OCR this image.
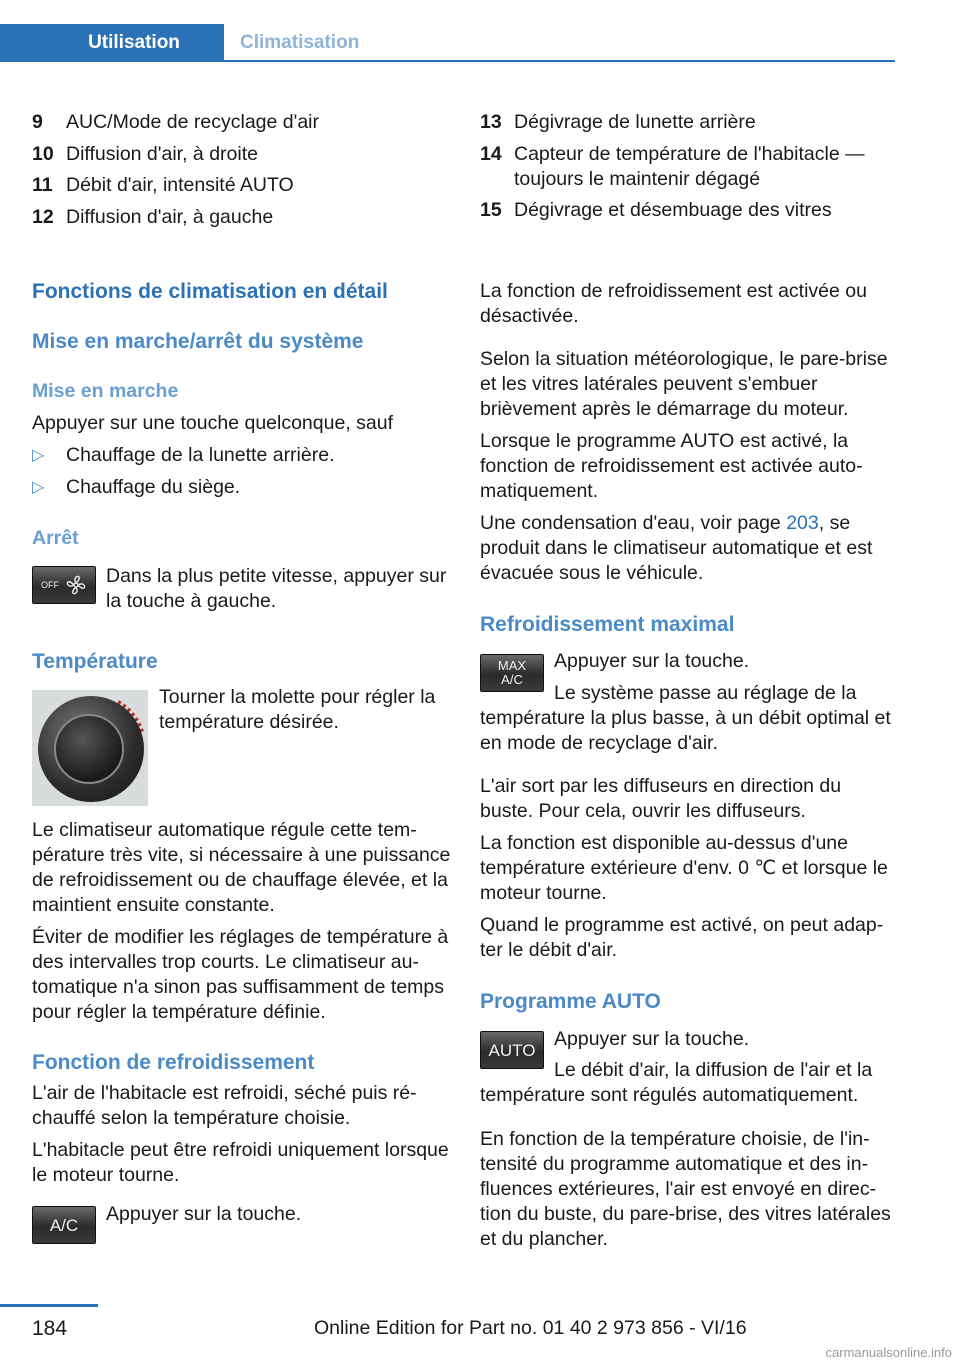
Utilisation	Climatisation
9 AUC/Mode de recyclage d'air
10 Diffusion d'air, à droite
11 Débit d'air, intensité AUTO
12 Diffusion d'air, à gauche
13 Dégivrage de lunette arrière
14 Capteur de température de l'habitacle — toujours le maintenir dégagé
15 Dégivrage et désembuage des vitres
Fonctions de climatisation en détail
Mise en marche/arrêt du système
Mise en marche
Appuyer sur une touche quelconque, sauf
▷ Chauffage de la lunette arrière.
▷ Chauffage du siège.
Arrêt
OFF Dans la plus petite vitesse, appuyer sur la touche à gauche.
Température
Tourner la molette pour régler la température désirée.
Le climatiseur automatique régule cette température très vite, si nécessaire à une puissance de refroidissement ou de chauffage élevée, et la maintient ensuite constante.
Éviter de modifier les réglages de température à des intervalles trop courts. Le climatiseur automatique n'a sinon pas suffisamment de temps pour régler la température définie.
Fonction de refroidissement
L'air de l'habitacle est refroidi, séché puis réchauffé selon la température choisie.
L'habitacle peut être refroidi uniquement lorsque le moteur tourne.
A/C	Appuyer sur la touche.
La fonction de refroidissement est activée ou désactivée.
Selon la situation météorologique, le pare-brise et les vitres latérales peuvent s'embuer brièvement après le démarrage du moteur.
Lorsque le programme AUTO est activé, la fonction de refroidissement est activée automatiquement.
Une condensation d'eau, voir page 203, se produit dans le climatiseur automatique et est évacuée sous le véhicule.
Refroidissement maximal
MAX
A/C
Appuyer sur la touche.
Le système passe au réglage de la température la plus basse, à un débit optimal et en mode de recyclage d'air.
L'air sort par les diffuseurs en direction du buste. Pour cela, ouvrir les diffuseurs.
La fonction est disponible au-dessus d'une température extérieure d'env. 0 ℃ et lorsque le moteur tourne.
Quand le programme est activé, on peut adapter le débit d'air.
Programme AUTO
AUTO Appuyer sur la touche.
Le débit d'air, la diffusion de l'air et la température sont régulés automatiquement.
En fonction de la température choisie, de l'intensité du programme automatique et des influences extérieures, l'air est envoyé en direction du buste, du pare-brise, des vitres latérales et du plancher.
184	Online Edition for Part no. 01 40 2 973 856 - VI/16
carmanualsonline.info
